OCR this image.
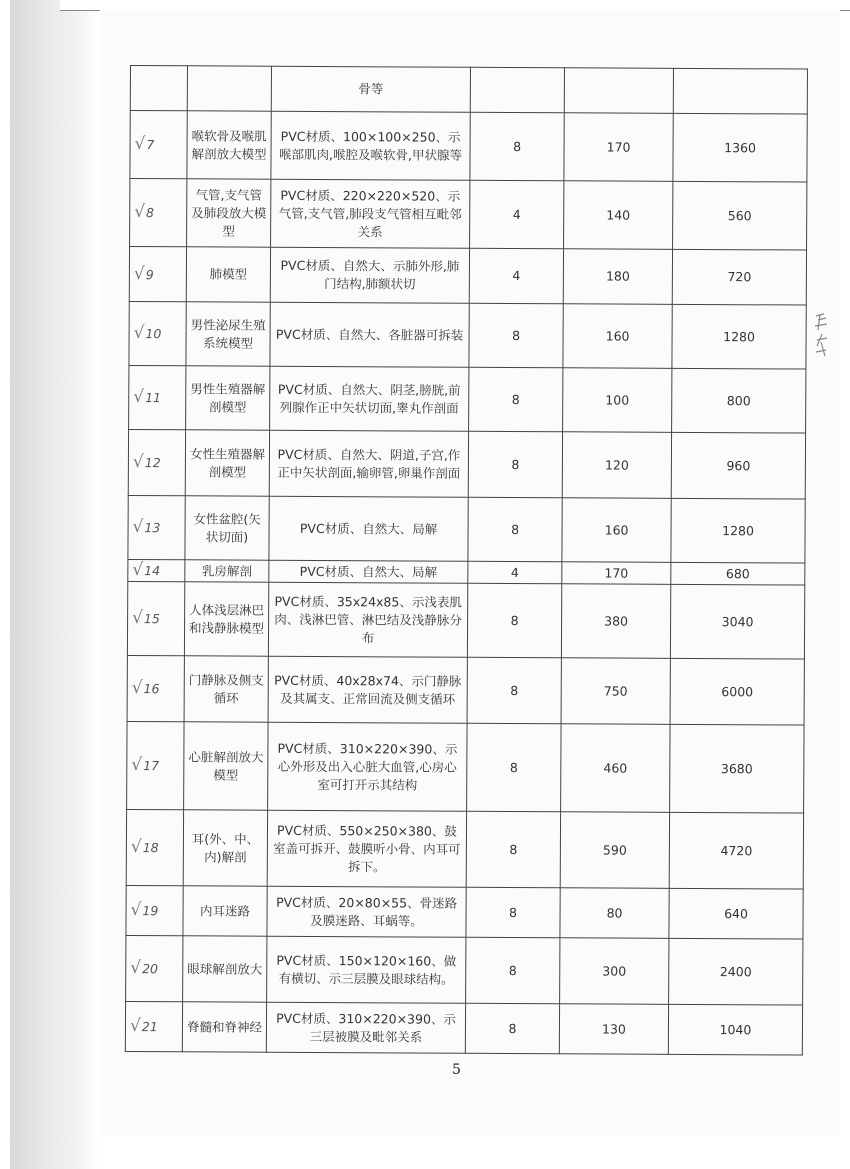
		骨等			
√7	喉软骨及喉肌解剖放大模型	PVC材质、100×100×250、示喉部肌肉,喉腔及喉软骨,甲状腺等	8	170	1360
√8	气管,支气管及肺段放大模型	PVC材质、220×220×520、示气管,支气管,肺段支气管相互毗邻关系	4	140	560
√9	肺模型	PVC材质、自然大、示肺外形,肺门结构,肺额状切	4	180	720
√10	男性泌尿生殖系统模型	PVC材质、自然大、各脏器可拆装	8	160	1280
√11	男性生殖器解剖模型	PVC材质、自然大、阴茎,膀胱,前列腺作正中矢状切面,睾丸作剖面	8	100	800
√12	女性生殖器解剖模型	PVC材质、自然大、阴道,子宫,作正中矢状剖面,输卵管,卵巢作剖面	8	120	960
√13	女性盆腔(矢状切面)	PVC材质、自然大、局解	8	160	1280
√14	乳房解剖	PVC材质、自然大、局解	4	170	680
√15	人体浅层淋巴和浅静脉模型	PVC材质、35x24x85、示浅表肌肉、浅淋巴管、淋巴结及浅静脉分布	8	380	3040
√16	门静脉及侧支循环	PVC材质、40x28x74、示门静脉及其属支、正常回流及侧支循环	8	750	6000
√17	心脏解剖放大模型	PVC材质、310×220×390、示心外形及出入心脏大血管,心房心室可打开示其结构	8	460	3680
√18	耳(外、中、内)解剖	PVC材质、550×250×380、鼓室盖可拆开、鼓膜听小骨、内耳可拆下。	8	590	4720
√19	内耳迷路	PVC材质、20×80×55、骨迷路及膜迷路、耳蜗等。	8	80	640
√20	眼球解剖放大	PVC材质、150×120×160、做有横切、示三层膜及眼球结构。	8	300	2400
√21	脊髓和脊神经	PVC材质、310×220×390、示三层被膜及毗邻关系	8	130	1040
5
